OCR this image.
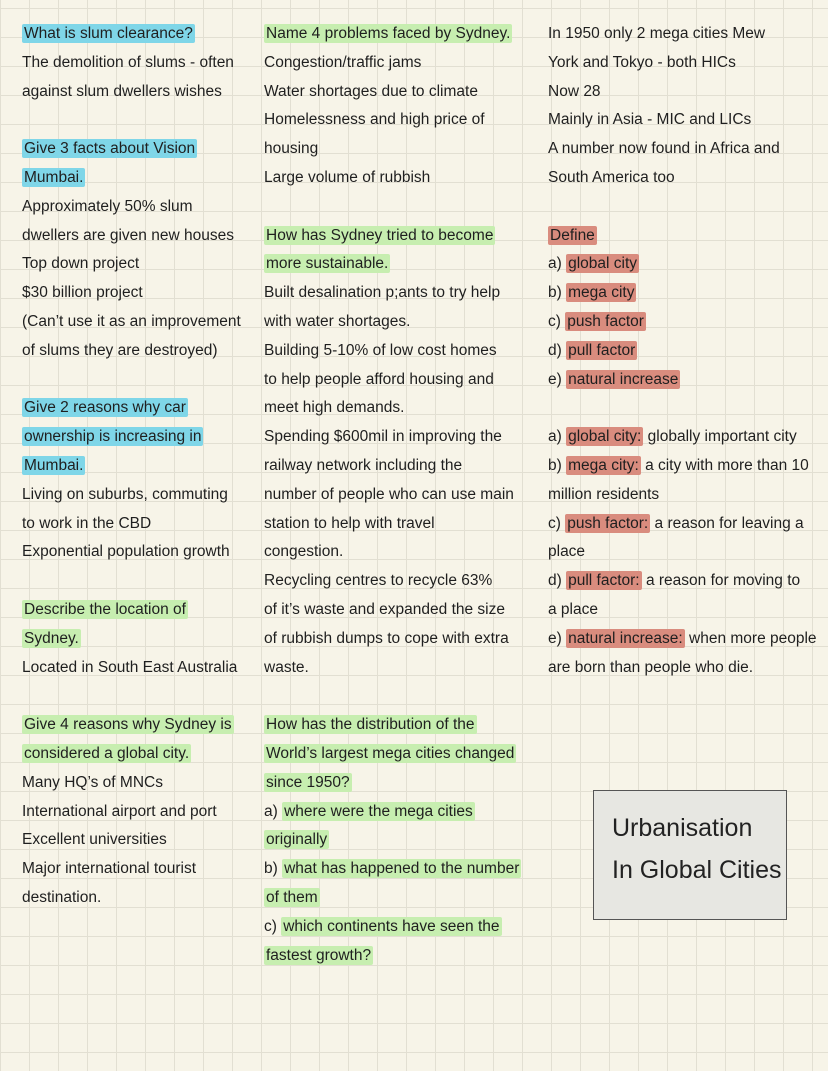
What is slum clearance?
The demolition of slums - often
against slum dwellers wishes
Give 3 facts about Vision
Mumbai.
Approximately 50% slum
dwellers are given new houses
Top down project
$30 billion project
(Can’t use it as an improvement
of slums they are destroyed)
Give 2 reasons why car
ownership is increasing in
Mumbai.
Living on suburbs, commuting
to work in the CBD
Exponential population growth
Describe the location of
Sydney.
Located in South East Australia
Give 4 reasons why Sydney is
considered a global city.
Many HQ’s of MNCs
International airport and port
Excellent universities
Major international tourist
destination.
Name 4 problems faced by Sydney.
Congestion/traffic jams
Water shortages due to climate
Homelessness and high price of
housing
Large volume of rubbish
How has Sydney tried to become
more sustainable.
Built desalination p;ants to try help
with water shortages.
Building 5-10% of low cost homes
to help people afford housing and
meet high demands.
Spending $600mil in improving the
railway network including the
number of people who can use main
station to help with travel
congestion.
Recycling centres to recycle 63%
of it’s waste and expanded the size
of rubbish dumps to cope with extra
waste.
How has the distribution of the
World’s largest mega cities changed
since 1950?
a) where were the mega cities
originally
b) what has happened to the number
of them
c) which continents have seen the
fastest growth?
In 1950 only 2 mega cities Mew
York and Tokyo - both HICs
Now 28
Mainly in Asia - MIC and LICs
A number now found in Africa and
South America too
Define
a) global city
b) mega city
c) push factor
d) pull factor
e) natural increase
a) global city: globally important city
b) mega city: a city with more than 10
million residents
c) push factor: a reason for leaving a
place
d) pull factor: a reason for moving to
a place
e) natural increase: when more people
are born than people who die.
Urbanisation
In Global Cities
